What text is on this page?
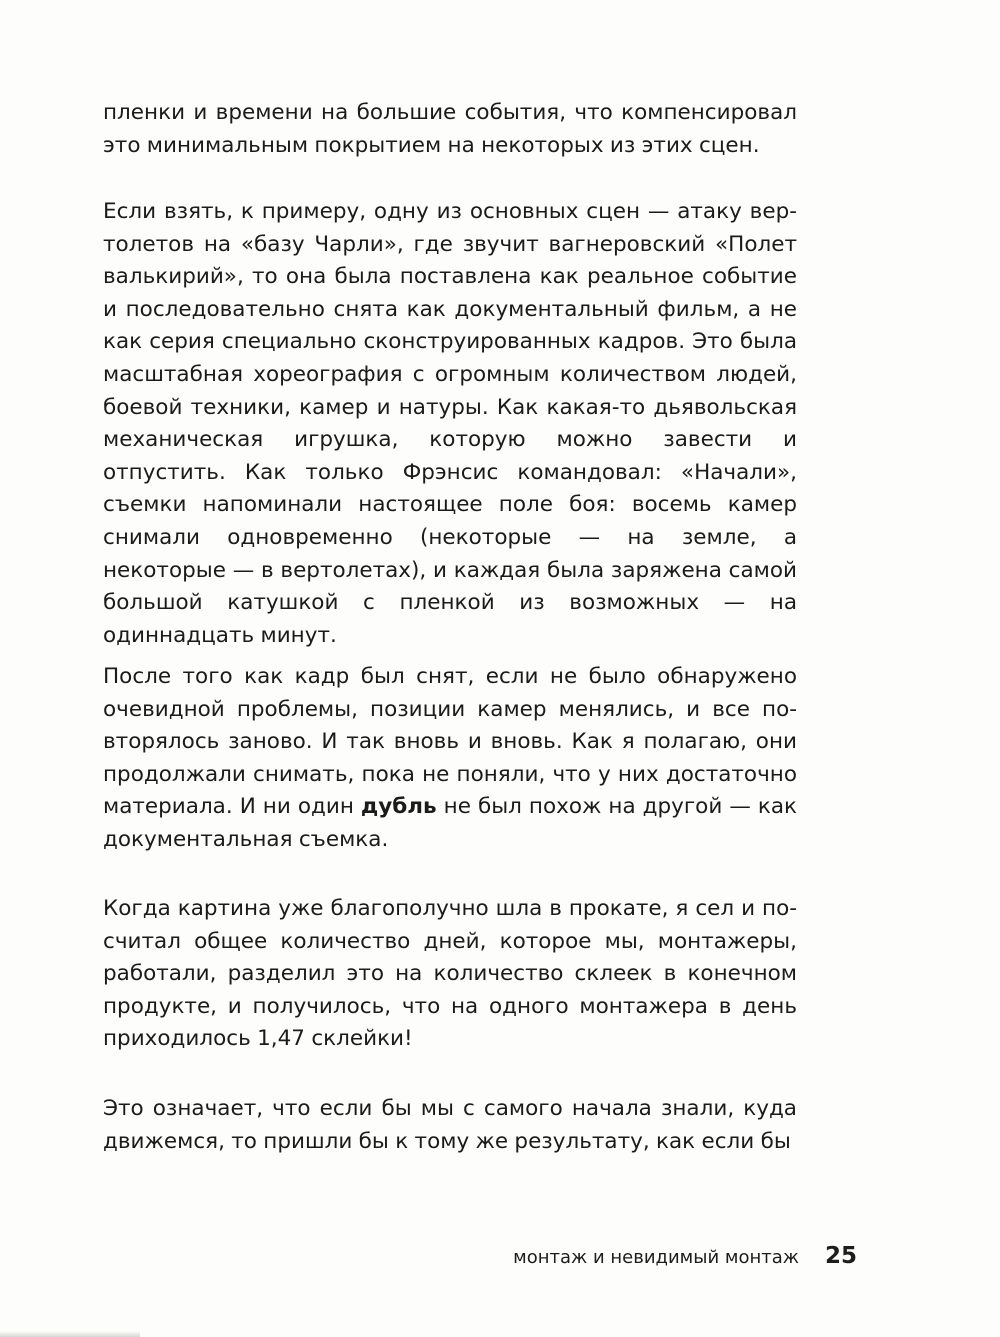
пленки и времени на большие события, что компенсировал это минимальным покрытием на некоторых из этих сцен.

Если взять, к примеру, одну из основных сцен — атаку вертолетов на «базу Чарли», где звучит вагнеровский «Полет валькирий», то она была поставлена как реальное событие и последовательно снята как документальный фильм, а не как серия специально сконструированных кадров. Это была масштабная хореография с огромным количеством людей, боевой техники, камер и натуры. Как какая-то дьявольская механическая игрушка, которую можно завести и отпустить. Как только Фрэнсис командовал: «Начали», съемки напоминали настоящее поле боя: восемь камер снимали одновременно (некоторые — на земле, а некоторые — в вертолетах), и каждая была заряжена самой большой катушкой с пленкой из возможных — на одиннадцать минут.

После того как кадр был снят, если не было обнаружено очевидной проблемы, позиции камер менялись, и все повторялось заново. И так вновь и вновь. Как я полагаю, они продолжали снимать, пока не поняли, что у них достаточно материала. И ни один дубль не был похож на другой — как документальная съемка.

Когда картина уже благополучно шла в прокате, я сел и посчитал общее количество дней, которое мы, монтажеры, работали, разделил это на количество склеек в конечном продукте, и получилось, что на одного монтажера в день приходилось 1,47 склейки!

Это означает, что если бы мы с самого начала знали, куда движемся, то пришли бы к тому же результату, как если бы

монтаж и невидимый монтаж 25
